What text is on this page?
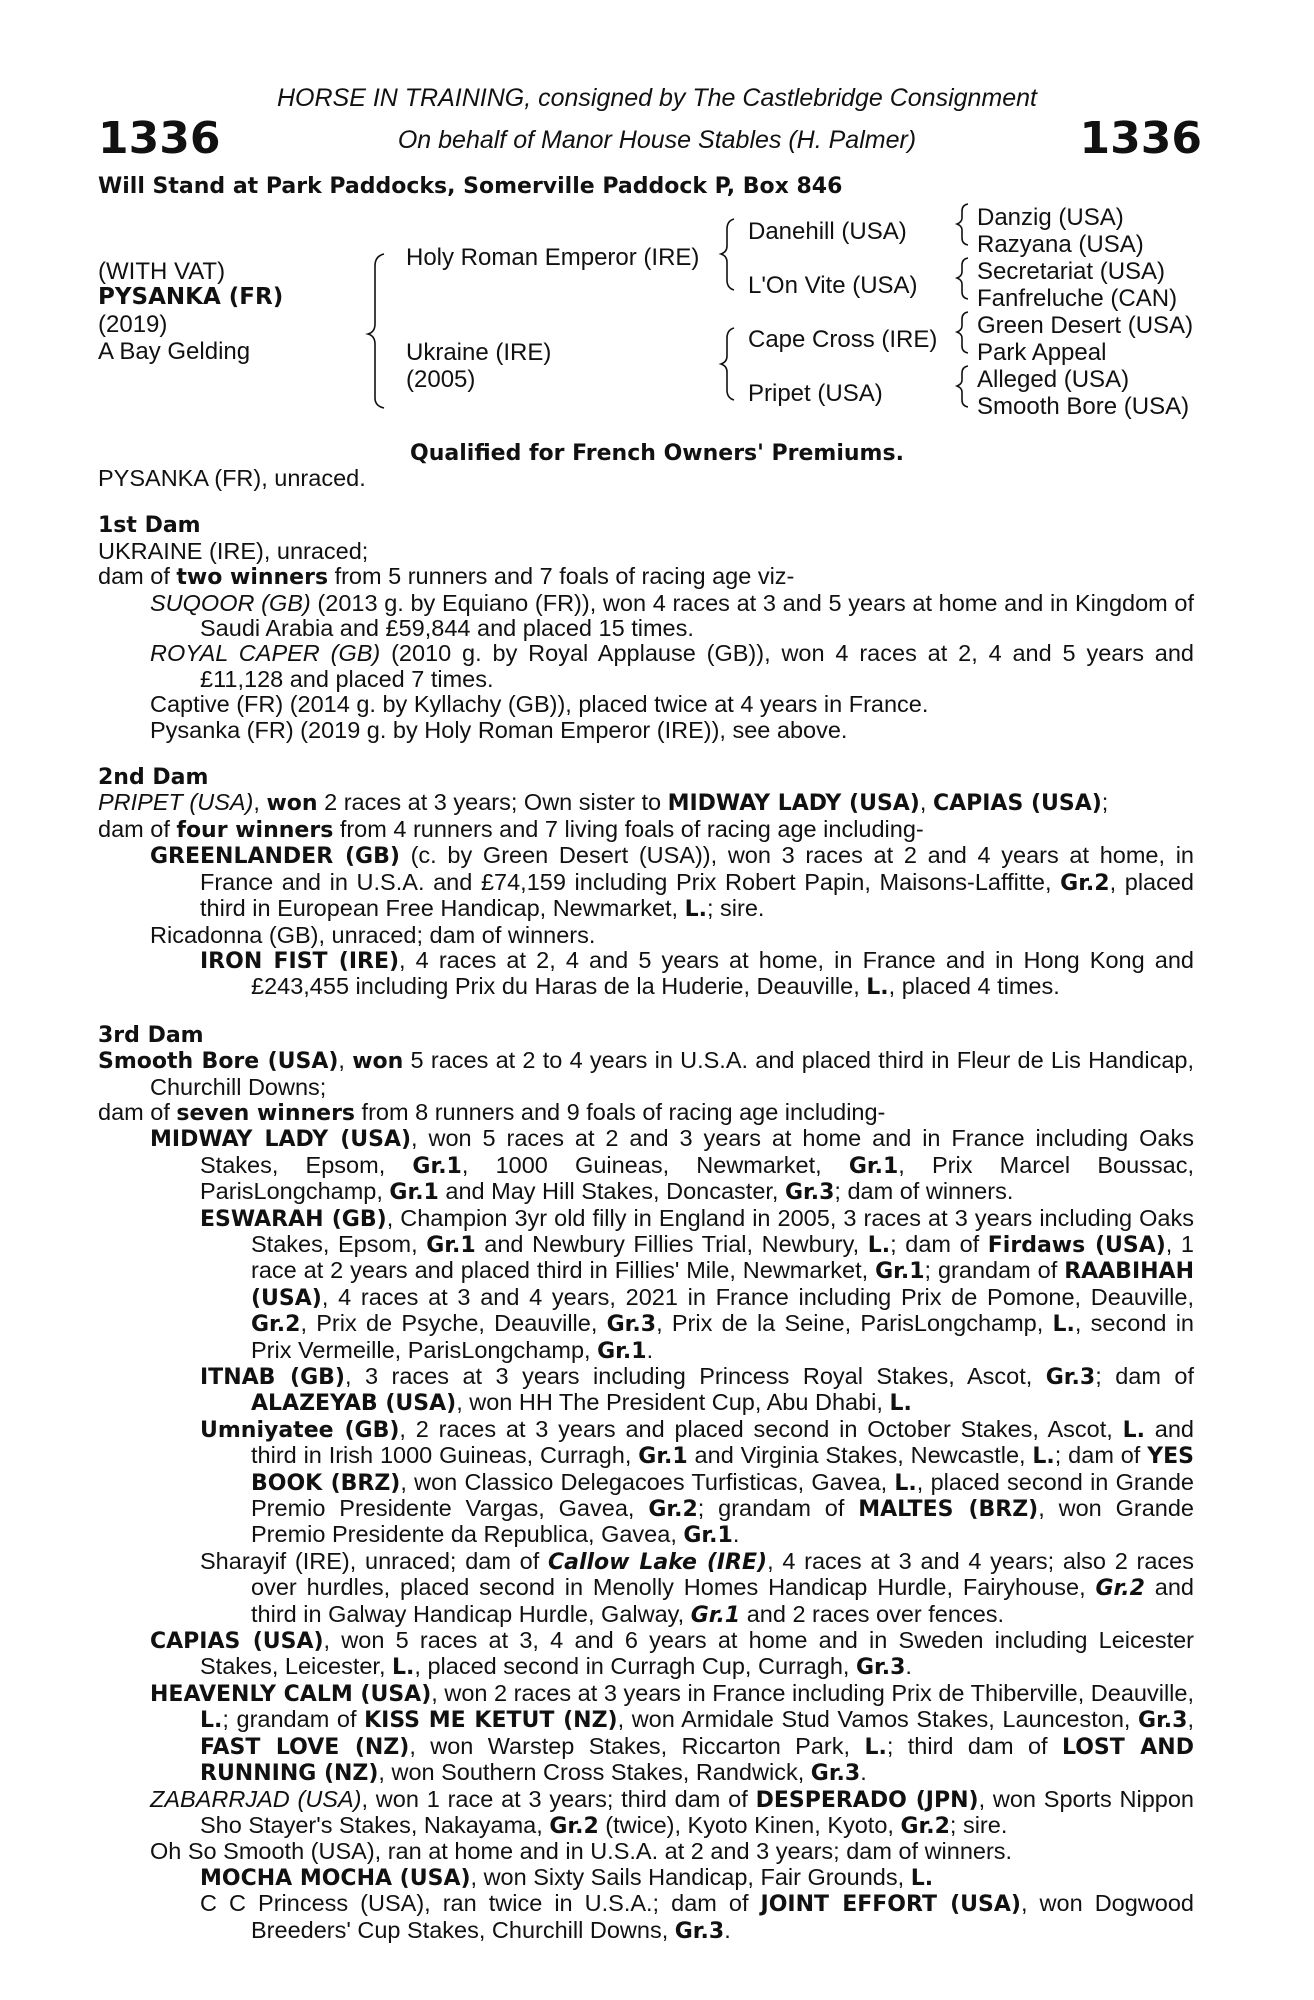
HORSE IN TRAINING, consigned by The Castlebridge Consignment
On behalf of Manor House Stables (H. Palmer)
1336	1336
Will Stand at Park Paddocks, Somerville Paddock P, Box 846
(WITH VAT)
PYSANKA (FR)
(2019)
A Bay Gelding
Holy Roman Emperor (IRE)
Ukraine (IRE)
(2005)
Danehill (USA)
L'On Vite (USA)
Cape Cross (IRE)
Pripet (USA)
Danzig (USA)
Razyana (USA)
Secretariat (USA)
Fanfreluche (CAN)
Green Desert (USA)
Park Appeal
Alleged (USA)
Smooth Bore (USA)
Qualified for French Owners' Premiums.
PYSANKA (FR), unraced.
1st Dam
UKRAINE (IRE), unraced;
dam of two winners from 5 runners and 7 foals of racing age viz-
SUQOOR (GB) (2013 g. by Equiano (FR)), won 4 races at 3 and 5 years at home and in Kingdom of Saudi Arabia and £59,844 and placed 15 times.
ROYAL CAPER (GB) (2010 g. by Royal Applause (GB)), won 4 races at 2, 4 and 5 years and £11,128 and placed 7 times.
Captive (FR) (2014 g. by Kyllachy (GB)), placed twice at 4 years in France.
Pysanka (FR) (2019 g. by Holy Roman Emperor (IRE)), see above.
2nd Dam
PRIPET (USA), won 2 races at 3 years; Own sister to MIDWAY LADY (USA), CAPIAS (USA);
dam of four winners from 4 runners and 7 living foals of racing age including-
GREENLANDER (GB) (c. by Green Desert (USA)), won 3 races at 2 and 4 years at home, in France and in U.S.A. and £74,159 including Prix Robert Papin, Maisons-Laffitte, Gr.2, placed third in European Free Handicap, Newmarket, L.; sire.
Ricadonna (GB), unraced; dam of winners.
IRON FIST (IRE), 4 races at 2, 4 and 5 years at home, in France and in Hong Kong and £243,455 including Prix du Haras de la Huderie, Deauville, L., placed 4 times.
3rd Dam
Smooth Bore (USA), won 5 races at 2 to 4 years in U.S.A. and placed third in Fleur de Lis Handicap, Churchill Downs;
dam of seven winners from 8 runners and 9 foals of racing age including-
MIDWAY LADY (USA), won 5 races at 2 and 3 years at home and in France including Oaks Stakes, Epsom, Gr.1, 1000 Guineas, Newmarket, Gr.1, Prix Marcel Boussac, ParisLongchamp, Gr.1 and May Hill Stakes, Doncaster, Gr.3; dam of winners.
ESWARAH (GB), Champion 3yr old filly in England in 2005, 3 races at 3 years including Oaks Stakes, Epsom, Gr.1 and Newbury Fillies Trial, Newbury, L.; dam of Firdaws (USA), 1 race at 2 years and placed third in Fillies' Mile, Newmarket, Gr.1; grandam of RAABIHAH (USA), 4 races at 3 and 4 years, 2021 in France including Prix de Pomone, Deauville, Gr.2, Prix de Psyche, Deauville, Gr.3, Prix de la Seine, ParisLongchamp, L., second in Prix Vermeille, ParisLongchamp, Gr.1.
ITNAB (GB), 3 races at 3 years including Princess Royal Stakes, Ascot, Gr.3; dam of ALAZEYAB (USA), won HH The President Cup, Abu Dhabi, L.
Umniyatee (GB), 2 races at 3 years and placed second in October Stakes, Ascot, L. and third in Irish 1000 Guineas, Curragh, Gr.1 and Virginia Stakes, Newcastle, L.; dam of YES BOOK (BRZ), won Classico Delegacoes Turfisticas, Gavea, L., placed second in Grande Premio Presidente Vargas, Gavea, Gr.2; grandam of MALTES (BRZ), won Grande Premio Presidente da Republica, Gavea, Gr.1.
Sharayif (IRE), unraced; dam of Callow Lake (IRE), 4 races at 3 and 4 years; also 2 races over hurdles, placed second in Menolly Homes Handicap Hurdle, Fairyhouse, Gr.2 and third in Galway Handicap Hurdle, Galway, Gr.1 and 2 races over fences.
CAPIAS (USA), won 5 races at 3, 4 and 6 years at home and in Sweden including Leicester Stakes, Leicester, L., placed second in Curragh Cup, Curragh, Gr.3.
HEAVENLY CALM (USA), won 2 races at 3 years in France including Prix de Thiberville, Deauville, L.; grandam of KISS ME KETUT (NZ), won Armidale Stud Vamos Stakes, Launceston, Gr.3, FAST LOVE (NZ), won Warstep Stakes, Riccarton Park, L.; third dam of LOST AND RUNNING (NZ), won Southern Cross Stakes, Randwick, Gr.3.
ZABARRJAD (USA), won 1 race at 3 years; third dam of DESPERADO (JPN), won Sports Nippon Sho Stayer's Stakes, Nakayama, Gr.2 (twice), Kyoto Kinen, Kyoto, Gr.2; sire.
Oh So Smooth (USA), ran at home and in U.S.A. at 2 and 3 years; dam of winners.
MOCHA MOCHA (USA), won Sixty Sails Handicap, Fair Grounds, L.
C C Princess (USA), ran twice in U.S.A.; dam of JOINT EFFORT (USA), won Dogwood Breeders' Cup Stakes, Churchill Downs, Gr.3.
